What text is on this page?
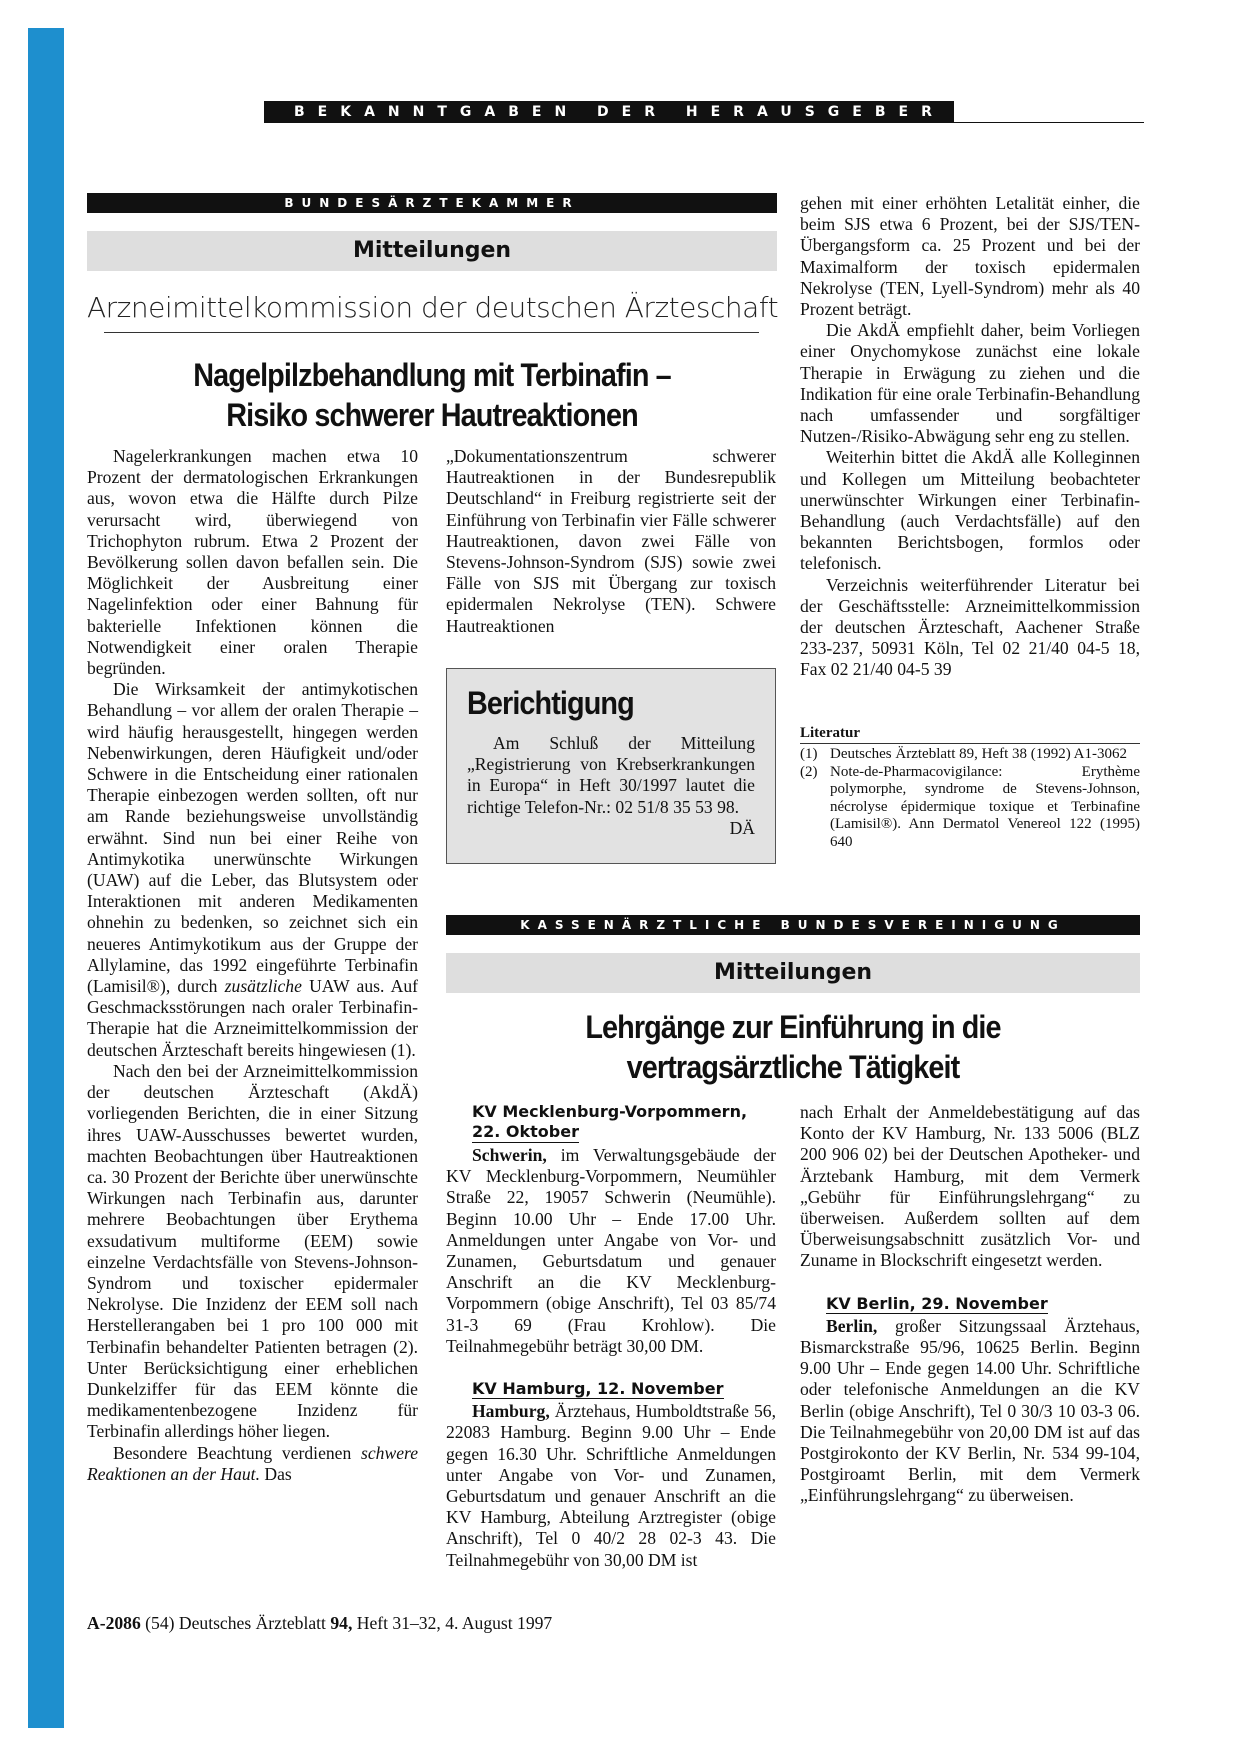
BEKANNTGABEN DER HERAUSGEBER
BUNDESÄRZTEKAMMER
Mitteilungen
Arzneimittelkommission der deutschen Ärzteschaft
Nagelpilzbehandlung mit Terbinafin –
Risiko schwerer Hautreaktionen

Nagelerkrankungen machen etwa 10 Prozent der dermatologischen Erkrankungen aus, wovon etwa die Hälfte durch Pilze verursacht wird, überwiegend von Trichophyton rubrum. Etwa 2 Prozent der Bevölkerung sollen davon befallen sein. Die Möglichkeit der Ausbreitung einer Nagelinfektion oder einer Bahnung für bakterielle Infektionen können die Notwendigkeit einer oralen Therapie begründen.

Die Wirksamkeit der antimykotischen Behandlung – vor allem der oralen Therapie – wird häufig herausgestellt, hingegen werden Nebenwirkungen, deren Häufigkeit und/oder Schwere in die Entscheidung einer rationalen Therapie einbezogen werden sollten, oft nur am Rande beziehungsweise unvollständig erwähnt. Sind nun bei einer Reihe von Antimykotika unerwünschte Wirkungen (UAW) auf die Leber, das Blutsystem oder Interaktionen mit anderen Medikamenten ohnehin zu bedenken, so zeichnet sich ein neueres Antimykotikum aus der Gruppe der Allylamine, das 1992 eingeführte Terbinafin (Lamisil®), durch zusätzliche UAW aus. Auf Geschmacksstörungen nach oraler Terbinafin-Therapie hat die Arzneimittelkommission der deutschen Ärzteschaft bereits hingewiesen (1).

Nach den bei der Arzneimittelkommission der deutschen Ärzteschaft (AkdÄ) vorliegenden Berichten, die in einer Sitzung ihres UAW-Ausschusses bewertet wurden, machten Beobachtungen über Hautreaktionen ca. 30 Prozent der Berichte über unerwünschte Wirkungen nach Terbinafin aus, darunter mehrere Beobachtungen über Erythema exsudativum multiforme (EEM) sowie einzelne Verdachtsfälle von Stevens-Johnson-Syndrom und toxischer epidermaler Nekrolyse. Die Inzidenz der EEM soll nach Herstellerangaben bei 1 pro 100 000 mit Terbinafin behandelter Patienten betragen (2). Unter Berücksichtigung einer erheblichen Dunkelziffer für das EEM könnte die medikamentenbezogene Inzidenz für Terbinafin allerdings höher liegen.

Besondere Beachtung verdienen schwere Reaktionen an der Haut. Das

„Dokumentationszentrum schwerer Hautreaktionen in der Bundesrepublik Deutschland“ in Freiburg registrierte seit der Einführung von Terbinafin vier Fälle schwerer Hautreaktionen, davon zwei Fälle von Stevens-Johnson-Syndrom (SJS) sowie zwei Fälle von SJS mit Übergang zur toxisch epidermalen Nekrolyse (TEN). Schwere Hautreaktionen

Berichtigung

Am Schluß der Mitteilung „Registrierung von Krebserkrankungen in Europa“ in Heft 30/1997 lautet die richtige Telefon-Nr.: 02 51/8 35 53 98.
DÄ

gehen mit einer erhöhten Letalität einher, die beim SJS etwa 6 Prozent, bei der SJS/TEN-Übergangsform ca. 25 Prozent und bei der Maximalform der toxisch epidermalen Nekrolyse (TEN, Lyell-Syndrom) mehr als 40 Prozent beträgt.

Die AkdÄ empfiehlt daher, beim Vorliegen einer Onychomykose zunächst eine lokale Therapie in Erwägung zu ziehen und die Indikation für eine orale Terbinafin-Behandlung nach umfassender und sorgfältiger Nutzen-/Risiko-Abwägung sehr eng zu stellen.

Weiterhin bittet die AkdÄ alle Kolleginnen und Kollegen um Mitteilung beobachteter unerwünschter Wirkungen einer Terbinafin-Behandlung (auch Verdachtsfälle) auf den bekannten Berichtsbogen, formlos oder telefonisch.

Verzeichnis weiterführender Literatur bei der Geschäftsstelle: Arzneimittelkommission der deutschen Ärzteschaft, Aachener Straße 233-237, 50931 Köln, Tel 02 21/40 04-5 18, Fax 02 21/40 04-5 39

Literatur
(1) Deutsches Ärzteblatt 89, Heft 38 (1992) A1-3062
(2) Note-de-Pharmacovigilance: Erythème polymorphe, syndrome de Stevens-Johnson, nécrolyse épidermique toxique et Terbinafine (Lamisil®). Ann Dermatol Venereol 122 (1995) 640
KASSENÄRZTLICHE BUNDESVEREINIGUNG
Mitteilungen
Lehrgänge zur Einführung in die
vertragsärztliche Tätigkeit
KV Mecklenburg-Vorpommern,
22. Oktober

Schwerin, im Verwaltungsgebäude der KV Mecklenburg-Vorpommern, Neumühler Straße 22, 19057 Schwerin (Neumühle). Beginn 10.00 Uhr – Ende 17.00 Uhr. Anmeldungen unter Angabe von Vor- und Zunamen, Geburtsdatum und genauer Anschrift an die KV Mecklenburg-Vorpommern (obige Anschrift), Tel 03 85/74 31-3 69 (Frau Krohlow). Die Teilnahmegebühr beträgt 30,00 DM.

KV Hamburg, 12. November

Hamburg, Ärztehaus, Humboldtstraße 56, 22083 Hamburg. Beginn 9.00 Uhr – Ende gegen 16.30 Uhr. Schriftliche Anmeldungen unter Angabe von Vor- und Zunamen, Geburtsdatum und genauer Anschrift an die KV Hamburg, Abteilung Arztregister (obige Anschrift), Tel 0 40/2 28 02-3 43. Die Teilnahmegebühr von 30,00 DM ist

nach Erhalt der Anmeldebestätigung auf das Konto der KV Hamburg, Nr. 133 5006 (BLZ 200 906 02) bei der Deutschen Apotheker- und Ärztebank Hamburg, mit dem Vermerk „Gebühr für Einführungslehrgang“ zu überweisen. Außerdem sollten auf dem Überweisungsabschnitt zusätzlich Vor- und Zuname in Blockschrift eingesetzt werden.

KV Berlin, 29. November

Berlin, großer Sitzungssaal Ärztehaus, Bismarckstraße 95/96, 10625 Berlin. Beginn 9.00 Uhr – Ende gegen 14.00 Uhr. Schriftliche oder telefonische Anmeldungen an die KV Berlin (obige Anschrift), Tel 0 30/3 10 03-3 06. Die Teilnahmegebühr von 20,00 DM ist auf das Postgirokonto der KV Berlin, Nr. 534 99-104, Postgiroamt Berlin, mit dem Vermerk „Einführungslehrgang“ zu überweisen.

A-2086 (54) Deutsches Ärzteblatt 94, Heft 31–32, 4. August 1997
